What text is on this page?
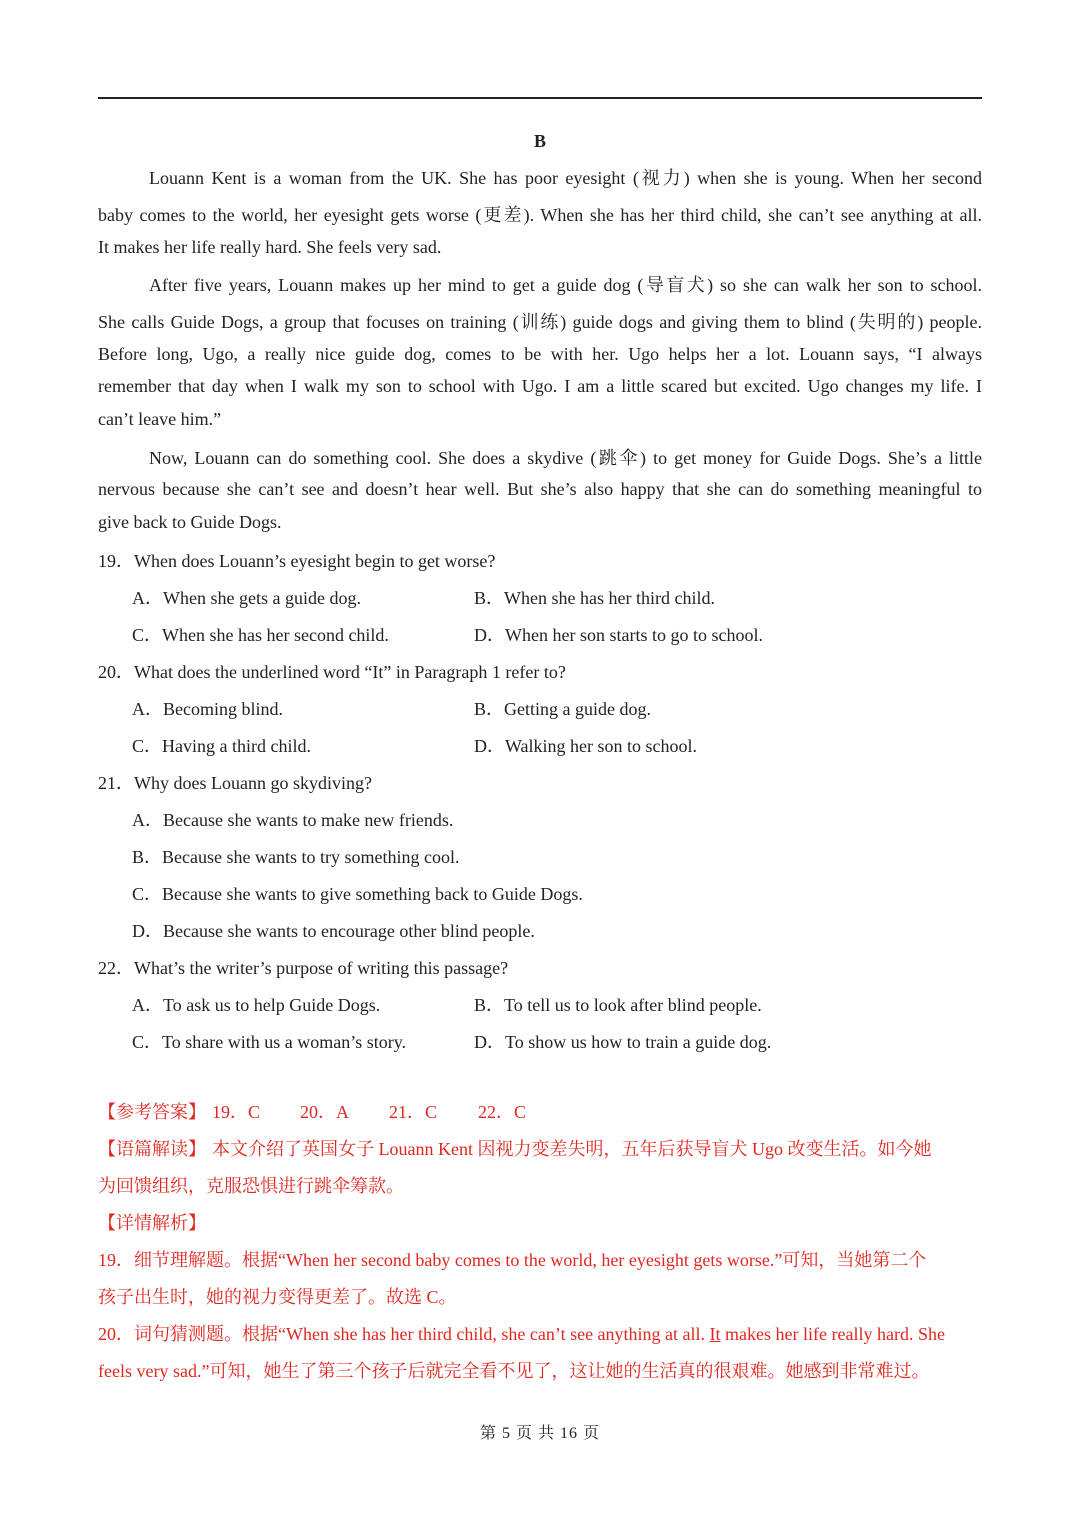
B
Louann Kent is a woman from the UK. She has poor eyesight (视力) when she is young. When her second
baby comes to the world, her eyesight gets worse (更差). When she has her third child, she can’t see anything at all.
It makes her life really hard. She feels very sad.
After five years, Louann makes up her mind to get a guide dog (导盲犬) so she can walk her son to school.
She calls Guide Dogs, a group that focuses on training (训练) guide dogs and giving them to blind (失明的) people.
Before long, Ugo, a really nice guide dog, comes to be with her. Ugo helps her a lot. Louann says, “I always
remember that day when I walk my son to school with Ugo. I am a little scared but excited. Ugo changes my life. I
can’t leave him.”
Now, Louann can do something cool. She does a skydive (跳伞) to get money for Guide Dogs. She’s a little
nervous because she can’t see and doesn’t hear well. But she’s also happy that she can do something meaningful to
give back to Guide Dogs.
19．When does Louann’s eyesight begin to get worse?
A．When she gets a guide dog.	B．When she has her third child.
C．When she has her second child.	D．When her son starts to go to school.
20．What does the underlined word “It” in Paragraph 1 refer to?
A．Becoming blind.	B．Getting a guide dog.
C．Having a third child.	D．Walking her son to school.
21．Why does Louann go skydiving?
A．Because she wants to make new friends.
B．Because she wants to try something cool.
C．Because she wants to give something back to Guide Dogs.
D．Because she wants to encourage other blind people.
22．What’s the writer’s purpose of writing this passage?
A．To ask us to help Guide Dogs.	B．To tell us to look after blind people.
C．To share with us a woman’s story.	D．To show us how to train a guide dog.
【参考答案】 19．C 20．A 21．C 22．C
【语篇解读】 本文介绍了英国女子 Louann Kent 因视力变差失明，五年后获导盲犬 Ugo 改变生活。如今她
为回馈组织，克服恐惧进行跳伞筹款。
【详情解析】
19．细节理解题。根据“When her second baby comes to the world, her eyesight gets worse.”可知，当她第二个
孩子出生时，她的视力变得更差了。故选 C。
20．词句猜测题。根据“When she has her third child, she can’t see anything at all. It makes her life really hard. She
feels very sad.”可知，她生了第三个孩子后就完全看不见了，这让她的生活真的很艰难。她感到非常难过。
第 5 页 共 16 页
